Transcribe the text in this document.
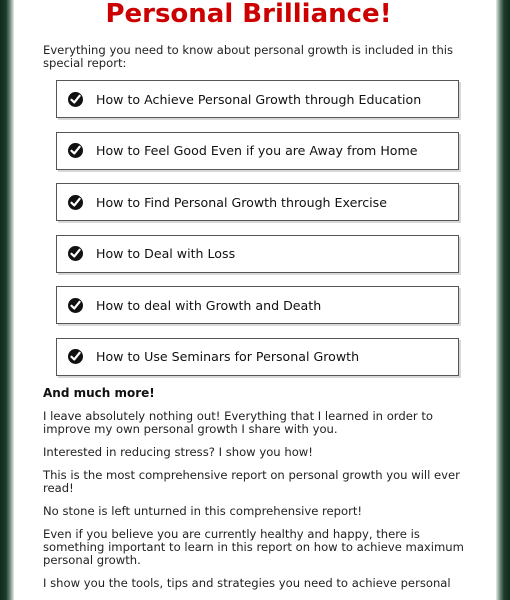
Personal Brilliance!

Everything you need to know about personal growth is included in this special report:

How to Achieve Personal Growth through Education
How to Feel Good Even if you are Away from Home
How to Find Personal Growth through Exercise
How to Deal with Loss
How to deal with Growth and Death
How to Use Seminars for Personal Growth

And much more!

I leave absolutely nothing out! Everything that I learned in order to improve my own personal growth I share with you.

Interested in reducing stress? I show you how!

This is the most comprehensive report on personal growth you will ever read!

No stone is left unturned in this comprehensive report!

Even if you believe you are currently healthy and happy, there is something important to learn in this report on how to achieve maximum personal growth.

I show you the tools, tips and strategies you need to achieve personal
